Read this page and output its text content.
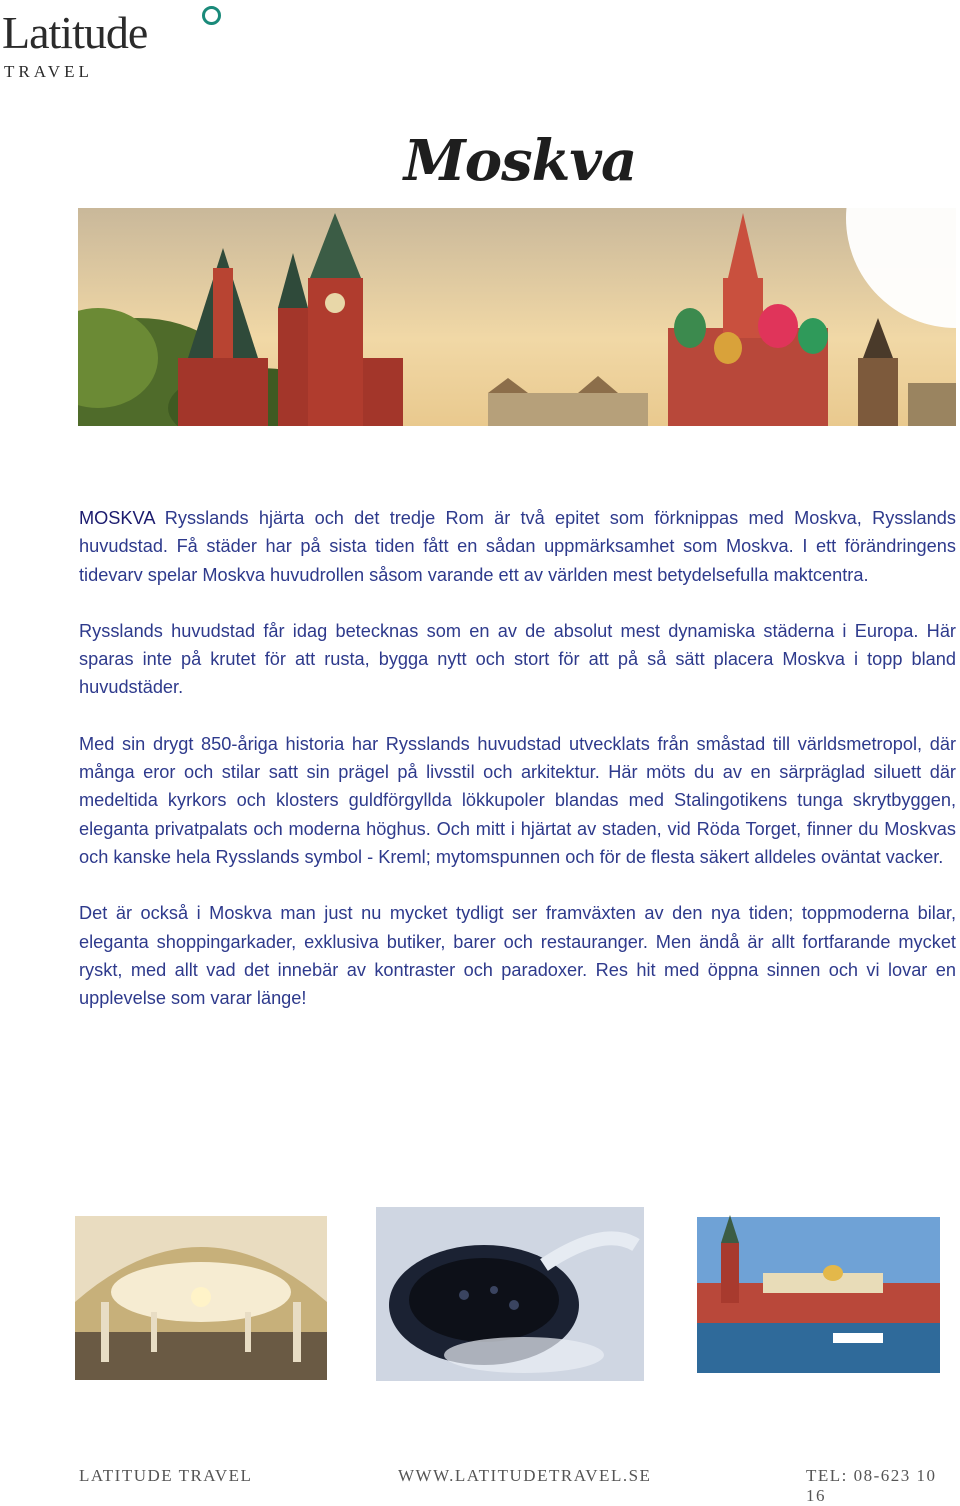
Latitude
TRAVEL
Moskva

MOSKVA Rysslands hjärta och det tredje Rom är två epitet som förknippas med Moskva, Rysslands huvudstad. Få städer har på sista tiden fått en sådan uppmärksamhet som Moskva. I ett förändringens tidevarv spelar Moskva huvudrollen såsom varande ett av världen mest betydelsefulla maktcentra.

Rysslands huvudstad får idag betecknas som en av de absolut mest dynamiska städerna i Europa. Här sparas inte på krutet för att rusta, bygga nytt och stort för att på så sätt placera Moskva i topp bland huvudstäder.

Med sin drygt 850-åriga historia har Rysslands huvudstad utvecklats från småstad till världsmetropol, där många eror och stilar satt sin prägel på livsstil och arkitektur. Här möts du av en särpräglad siluett där medeltida kyrkors och klosters guldförgyllda lökkupoler blandas med Stalingotikens tunga skrytbyggen, eleganta privatpalats och moderna höghus. Och mitt i hjärtat av staden, vid Röda Torget, finner du Moskvas och kanske hela Rysslands symbol - Kreml; mytomspunnen och för de flesta säkert alldeles oväntat vacker.

Det är också i Moskva man just nu mycket tydligt ser framväxten av den nya tiden; toppmoderna bilar, eleganta shoppingarkader, exklusiva butiker, barer och restauranger. Men ändå är allt fortfarande mycket ryskt, med allt vad det innebär av kontraster och paradoxer. Res hit med öppna sinnen och vi lovar en upplevelse som varar länge!

LATITUDE TRAVEL	WWW.LATITUDETRAVEL.SE	TEL: 08-623 10 16
